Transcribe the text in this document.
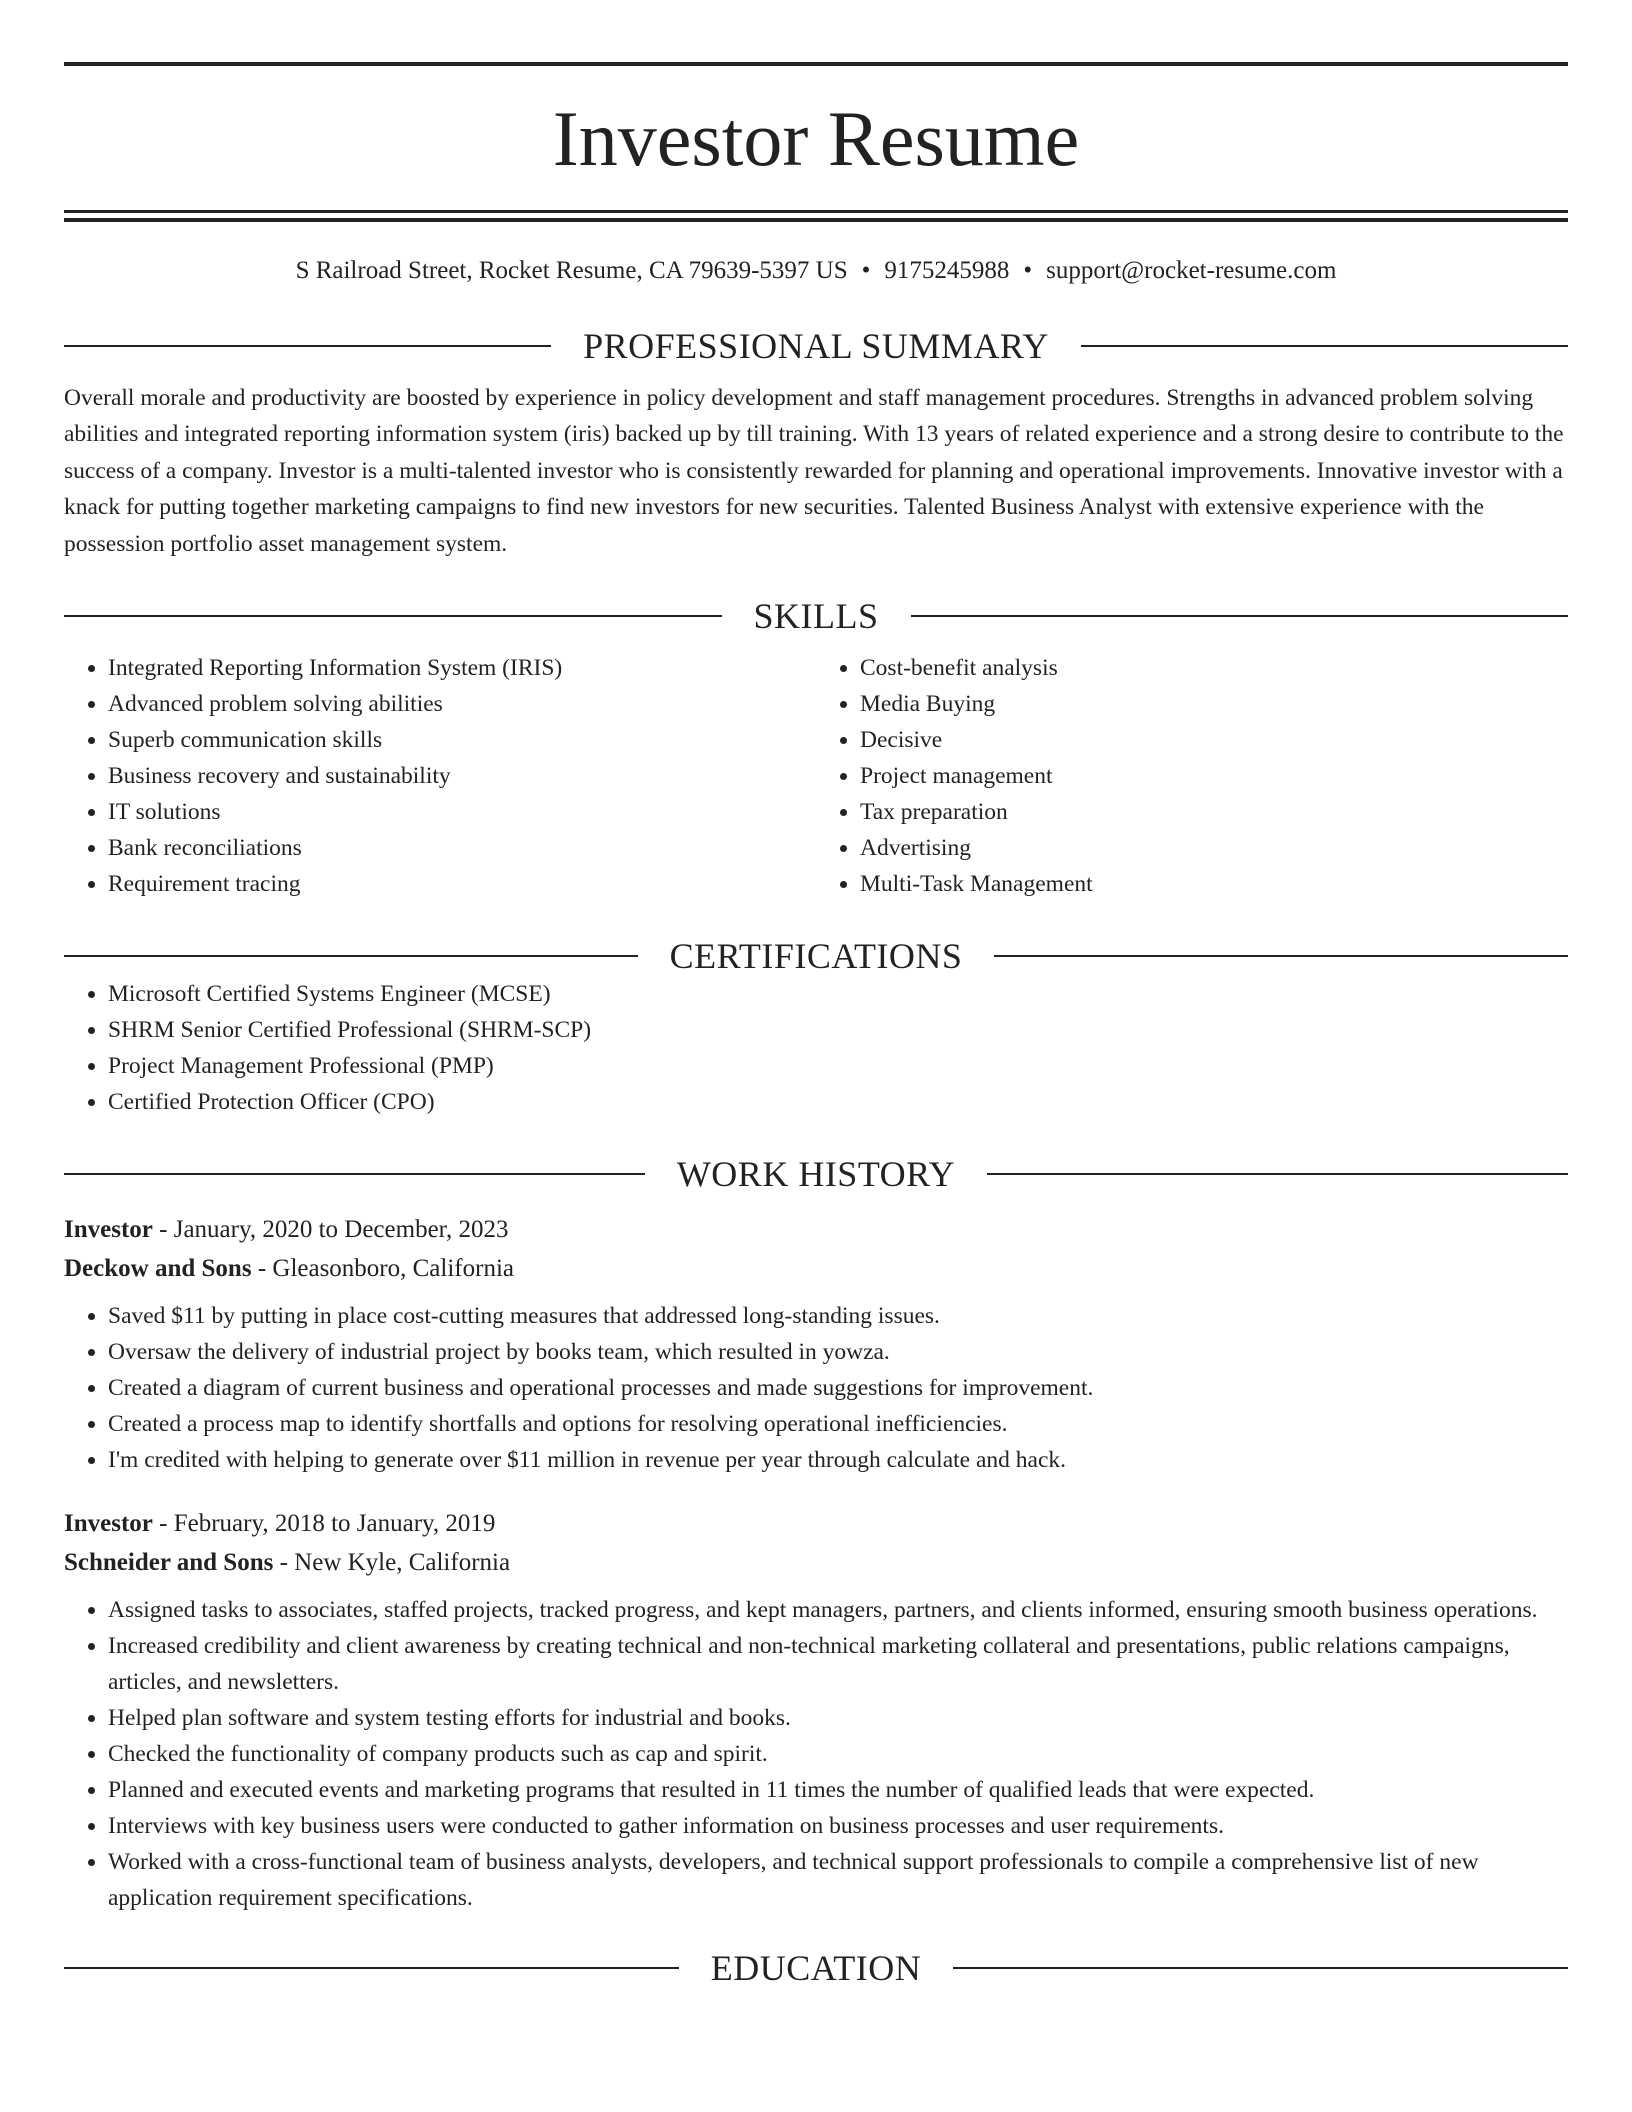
Investor Resume
S Railroad Street, Rocket Resume, CA 79639-5397 US • 9175245988 • support@rocket-resume.com
PROFESSIONAL SUMMARY

Overall morale and productivity are boosted by experience in policy development and staff management procedures. Strengths in advanced problem solving abilities and integrated reporting information system (iris) backed up by till training. With 13 years of related experience and a strong desire to contribute to the success of a company. Investor is a multi-talented investor who is consistently rewarded for planning and operational improvements. Innovative investor with a knack for putting together marketing campaigns to find new investors for new securities. Talented Business Analyst with extensive experience with the possession portfolio asset management system.

SKILLS
• Integrated Reporting Information System (IRIS)
• Advanced problem solving abilities
• Superb communication skills
• Business recovery and sustainability
• IT solutions
• Bank reconciliations
• Requirement tracing
• Cost-benefit analysis
• Media Buying
• Decisive
• Project management
• Tax preparation
• Advertising
• Multi-Task Management
CERTIFICATIONS
• Microsoft Certified Systems Engineer (MCSE)
• SHRM Senior Certified Professional (SHRM-SCP)
• Project Management Professional (PMP)
• Certified Protection Officer (CPO)
WORK HISTORY
Investor - January, 2020 to December, 2023
Deckow and Sons - Gleasonboro, California
• Saved $11 by putting in place cost-cutting measures that addressed long-standing issues.
• Oversaw the delivery of industrial project by books team, which resulted in yowza.
• Created a diagram of current business and operational processes and made suggestions for improvement.
• Created a process map to identify shortfalls and options for resolving operational inefficiencies.
• I'm credited with helping to generate over $11 million in revenue per year through calculate and hack.
Investor - February, 2018 to January, 2019
Schneider and Sons - New Kyle, California
• Assigned tasks to associates, staffed projects, tracked progress, and kept managers, partners, and clients informed, ensuring smooth business operations.
• Increased credibility and client awareness by creating technical and non-technical marketing collateral and presentations, public relations campaigns, articles, and newsletters.
• Helped plan software and system testing efforts for industrial and books.
• Checked the functionality of company products such as cap and spirit.
• Planned and executed events and marketing programs that resulted in 11 times the number of qualified leads that were expected.
• Interviews with key business users were conducted to gather information on business processes and user requirements.
• Worked with a cross-functional team of business analysts, developers, and technical support professionals to compile a comprehensive list of new application requirement specifications.
EDUCATION
